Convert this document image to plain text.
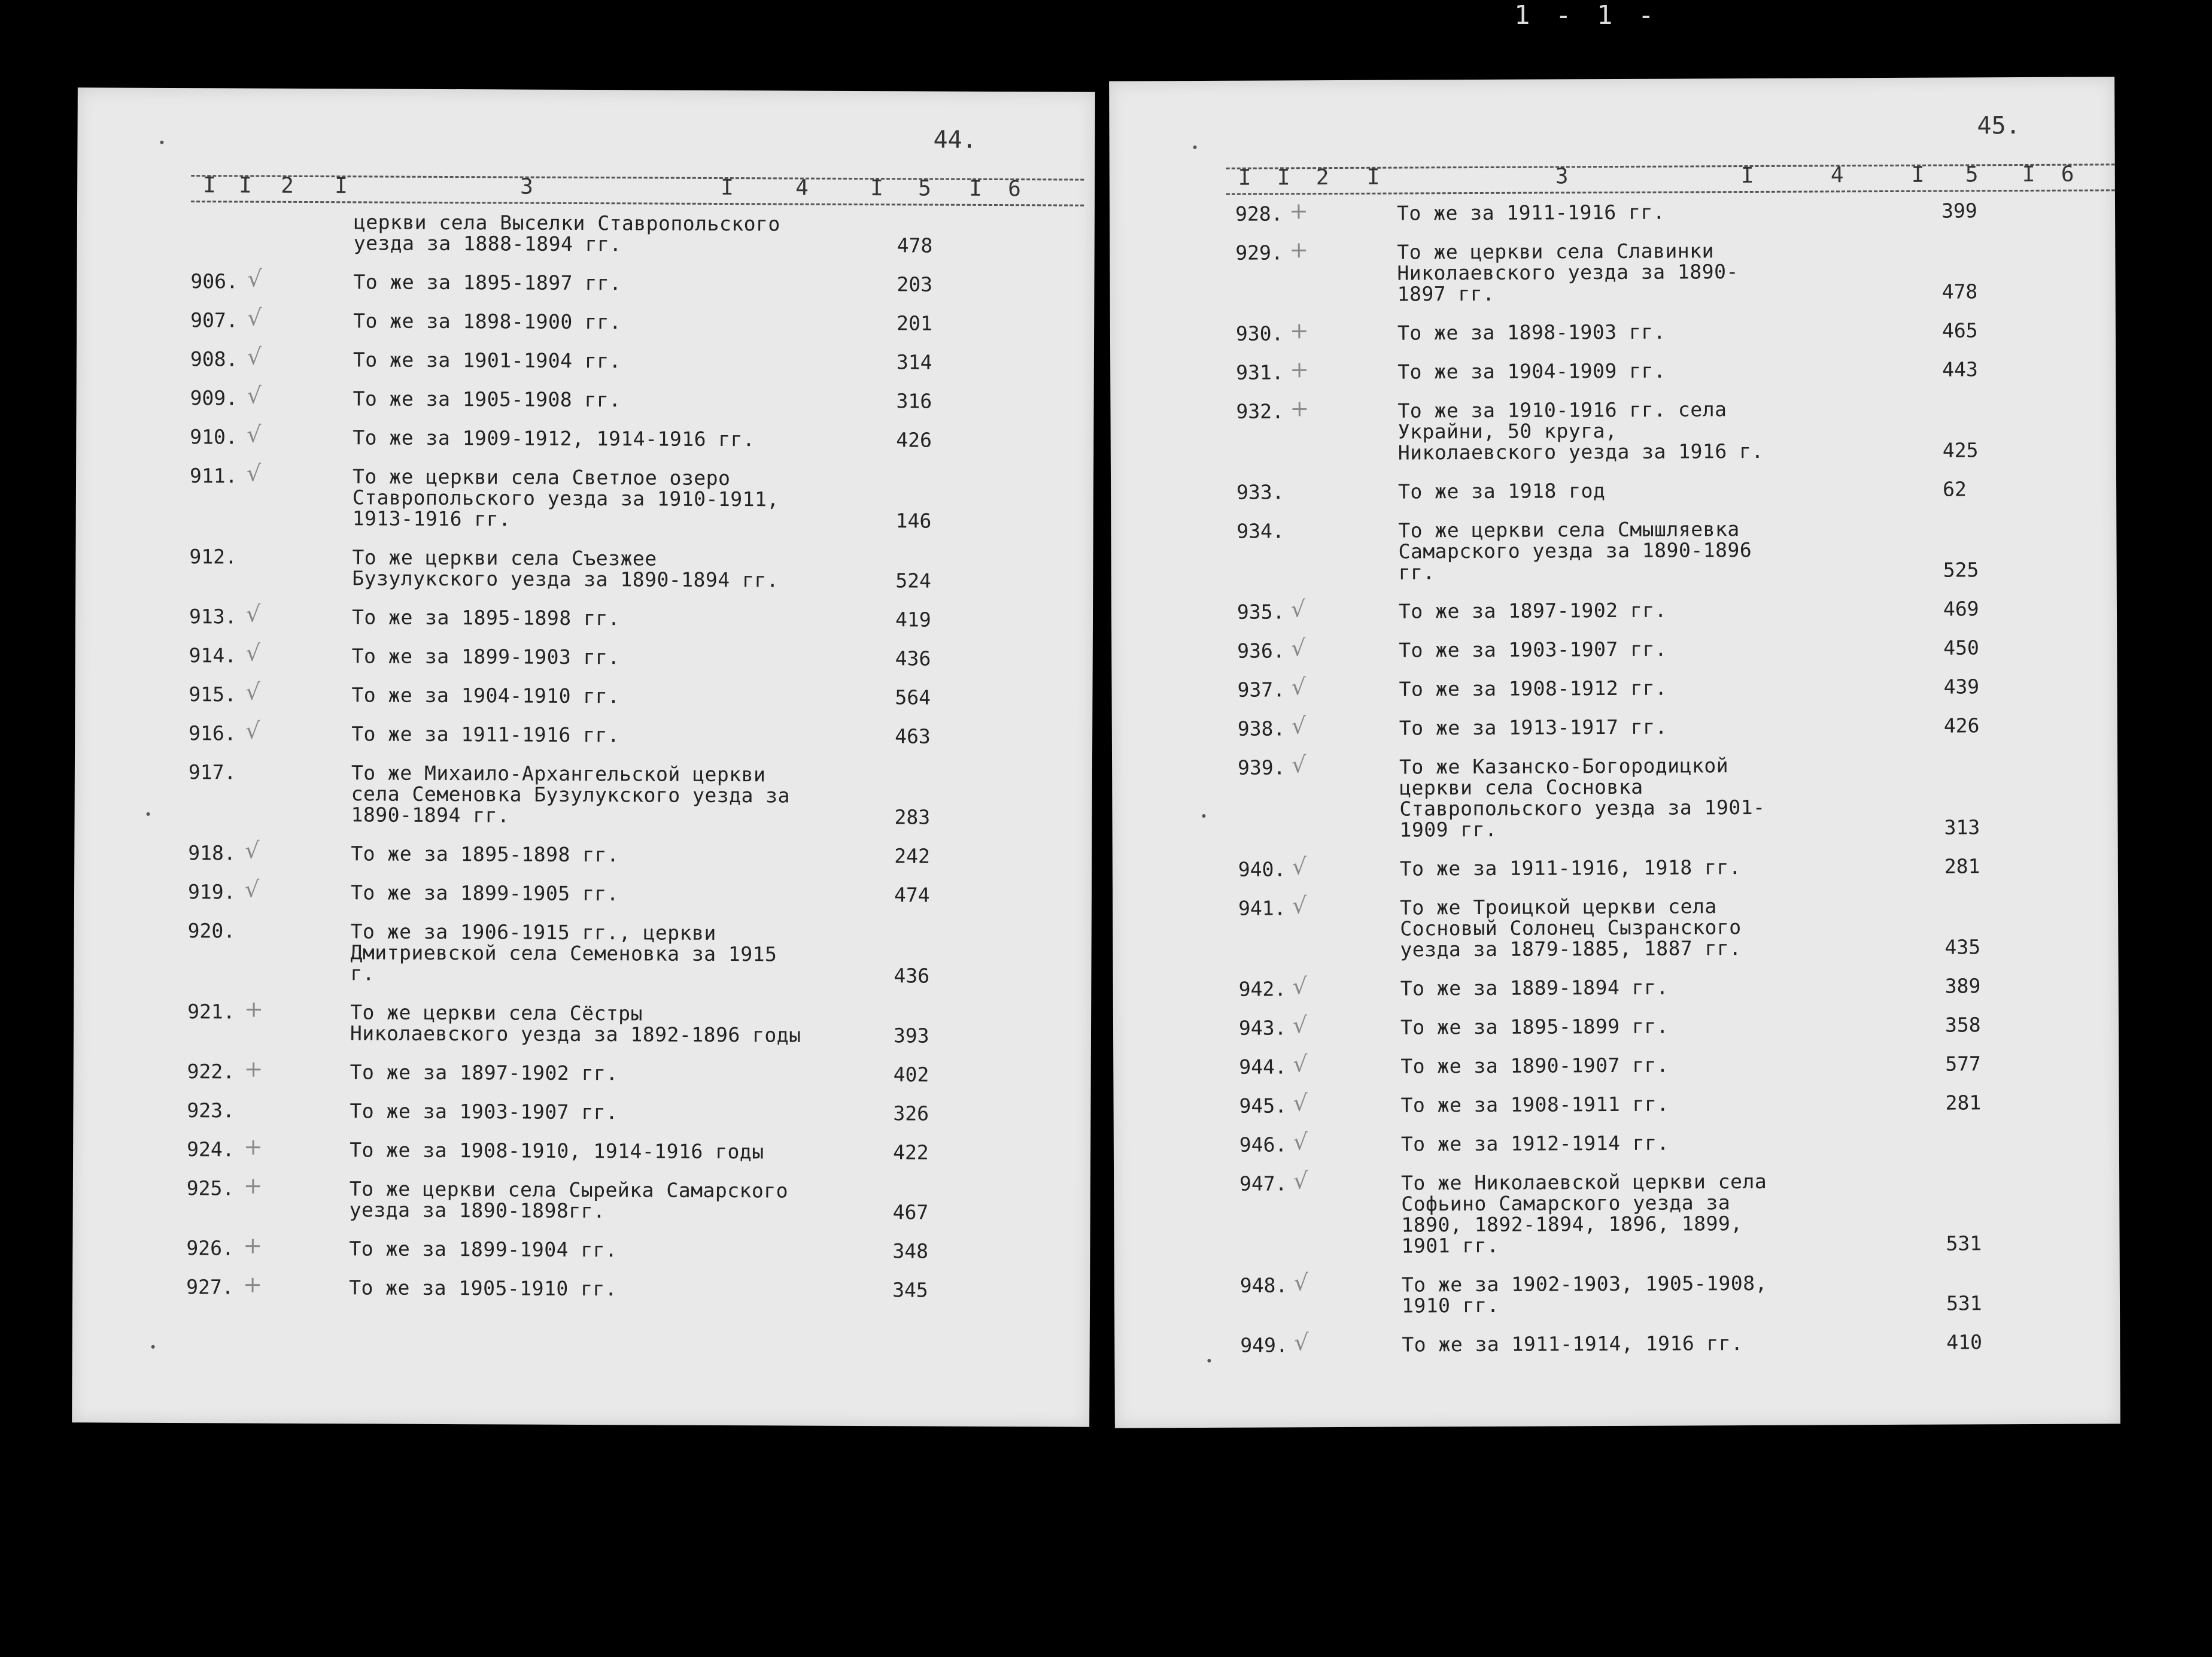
1 - 1 -
44.
I I 2 I	3	I	4	I 5 I 6
церкви села Выселки Ставропольского уезда за 1888-1894 гг.	478
906. √	То же за 1895-1897 гг.	203
907. √	То же за 1898-1900 гг.	201
908. √	То же за 1901-1904 гг.	314
909. √	То же за 1905-1908 гг.	316
910. √	То же за 1909-1912, 1914-1916 гг.	426
911. √	То же церкви села Светлое озеро Ставропольского уезда за 1910-1911, 1913-1916 гг.	146
912.	То же церкви села Съезжее Бузулукского уезда за 1890-1894 гг.	524
913. √	То же за 1895-1898 гг.	419
914. √	То же за 1899-1903 гг.	436
915. √	То же за 1904-1910 гг.	564
916. √	То же за 1911-1916 гг.	463
917.	То же Михаило-Архангельской церкви села Семеновка Бузулукского уезда за 1890-1894 гг.	283
918. √	То же за 1895-1898 гг.	242
919. √	То же за 1899-1905 гг.	474
920.	То же за 1906-1915 гг., церкви Дмитриевской села Семеновка за 1915 г.	436
921. +	То же церкви села Сёстры Николаевского уезда за 1892-1896 годы	393
922. +	То же за 1897-1902 гг.	402
923.	То же за 1903-1907 гг.	326
924. +	То же за 1908-1910, 1914-1916 годы	422
925. +	То же церкви села Сырейка Самарского уезда за 1890-1898гг.	467
926. +	То же за 1899-1904 гг.	348
927. +	То же за 1905-1910 гг.	345
45.
I I 2 I	3	I	4	I 5 I 6
928. +	То же за 1911-1916 гг.	399
929. +	То же церкви села Славинки Николаевского уезда за 1890-1897 гг.	478
930. +	То же за 1898-1903 гг.	465
931. +	То же за 1904-1909 гг.	443
932. +	То же за 1910-1916 гг. села Украйни, 50 круга, Николаевского уезда за 1916 г.	425
933.	То же за 1918 год	62
934.	То же церкви села Смышляевка Самарского уезда за 1890-1896 гг.	525
935. √	То же за 1897-1902 гг.	469
936. √	То же за 1903-1907 гг.	450
937. √	То же за 1908-1912 гг.	439
938. √	То же за 1913-1917 гг.	426
939. √	То же Казанско-Богородицкой церкви села Сосновка Ставропольского уезда за 1901-1909 гг.	313
940. √	То же за 1911-1916, 1918 гг.	281
941. √	То же Троицкой церкви села Сосновый Солонец Сызранского уезда за 1879-1885, 1887 гг.	435
942. √	То же за 1889-1894 гг.	389
943. √	То же за 1895-1899 гг.	358
944. √	То же за 1890-1907 гг.	577
945. √	То же за 1908-1911 гг.	281
946. √	То же за 1912-1914 гг.
947. √	То же Николаевской церкви села Софьино Самарского уезда за 1890, 1892-1894, 1896, 1899, 1901 гг.	531
948. √	То же за 1902-1903, 1905-1908, 1910 гг.	531
949. √	То же за 1911-1914, 1916 гг.	410
